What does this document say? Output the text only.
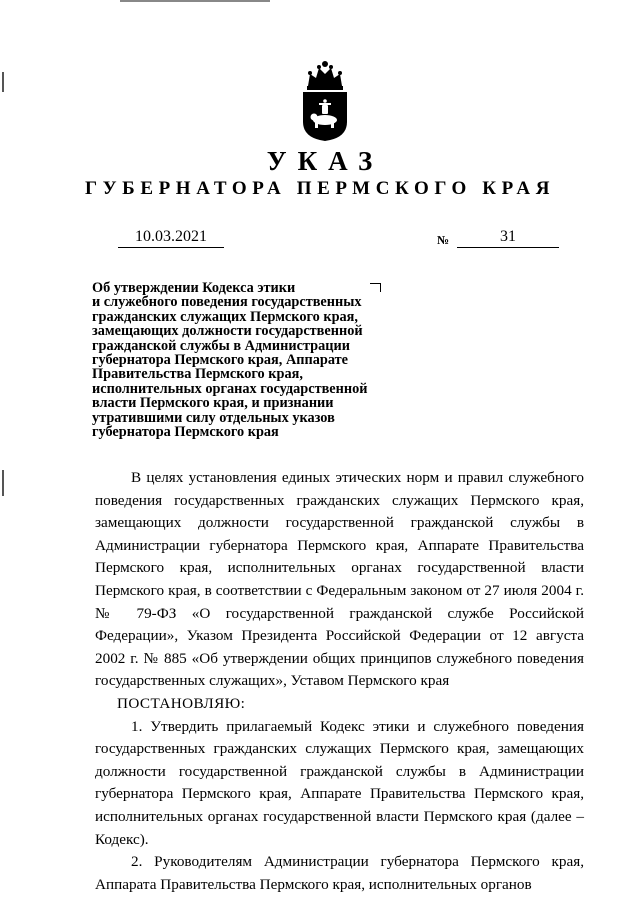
УКАЗ
ГУБЕРНАТОРА ПЕРМСКОГО КРАЯ
10.03.2021	№	31
Об утверждении Кодекса этики
и служебного поведения государственных
гражданских служащих Пермского края,
замещающих должности государственной
гражданской службы в Администрации
губернатора Пермского края, Аппарате
Правительства Пермского края,
исполнительных органах государственной
власти Пермского края, и признании
утратившими силу отдельных указов
губернатора Пермского края

В целях установления единых этических норм и правил служебного поведения государственных гражданских служащих Пермского края, замещающих должности государственной гражданской службы в Администрации губернатора Пермского края, Аппарате Правительства Пермского края, исполнительных органах государственной власти Пермского края, в соответствии с Федеральным законом от 27 июля 2004 г. № 79-ФЗ «О государственной гражданской службе Российской Федерации», Указом Президента Российской Федерации от 12 августа 2002 г. № 885 «Об утверждении общих принципов служебного поведения государственных служащих», Уставом Пермского края

ПОСТАНОВЛЯЮ:

1. Утвердить прилагаемый Кодекс этики и служебного поведения государственных гражданских служащих Пермского края, замещающих должности государственной гражданской службы в Администрации губернатора Пермского края, Аппарате Правительства Пермского края, исполнительных органах государственной власти Пермского края (далее – Кодекс).

2. Руководителям Администрации губернатора Пермского края, Аппарата Правительства Пермского края, исполнительных органов
